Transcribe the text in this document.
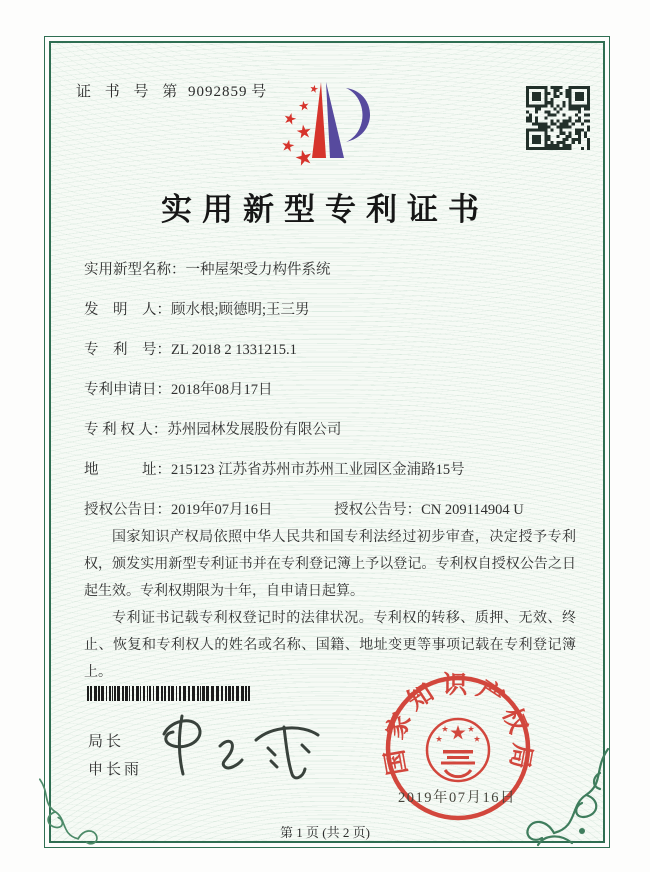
证 书 号 第 9092859 号
实用新型专利证书
实用新型名称：一种屋架受力构件系统
发　明　人：顾水根;顾德明;王三男
专　利　号：ZL 2018 2 1331215.1
专利申请日：2018年08月17日
专 利 权 人：苏州园林发展股份有限公司
地　　　址：215123 江苏省苏州市苏州工业园区金浦路15号
授权公告日：2019年07月16日	授权公告号：CN 209114904 U

国家知识产权局依照中华人民共和国专利法经过初步审查，决定授予专利权，颁发实用新型专利证书并在专利登记簿上予以登记。专利权自授权公告之日起生效。专利权期限为十年，自申请日起算。

专利证书记载专利权登记时的法律状况。专利权的转移、质押、无效、终止、恢复和专利权人的姓名或名称、国籍、地址变更等事项记载在专利登记簿上。

局长
申长雨	国家知识产权局
2019年07月16日
第 1 页 (共 2 页)
